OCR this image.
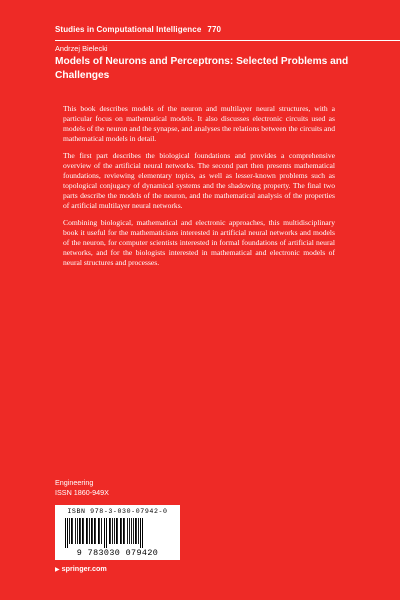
Studies in Computational Intelligence 770
Andrzej Bielecki
Models of Neurons and Perceptrons: Selected Problems and Challenges

This book describes models of the neuron and multilayer neural structures, with a particular focus on mathematical models. It also discusses electronic circuits used as models of the neuron and the synapse, and analyses the relations between the circuits and mathematical models in detail.

The first part describes the biological foundations and provides a comprehensive overview of the artificial neural networks. The second part then presents mathematical foundations, reviewing elementary topics, as well as lesser-known problems such as topological conjugacy of dynamical systems and the shadowing property. The final two parts describe the models of the neuron, and the mathematical analysis of the properties of artificial multilayer neural networks.

Combining biological, mathematical and electronic approaches, this multidisciplinary book it useful for the mathematicians interested in artificial neural networks and models of the neuron, for computer scientists interested in formal foundations of artificial neural networks, and for the biologists interested in mathematical and electronic models of neural structures and processes.

Engineering
ISSN 1860-949X
ISBN 978-3-030-07942-0
9 783030 079420
▶ springer.com
